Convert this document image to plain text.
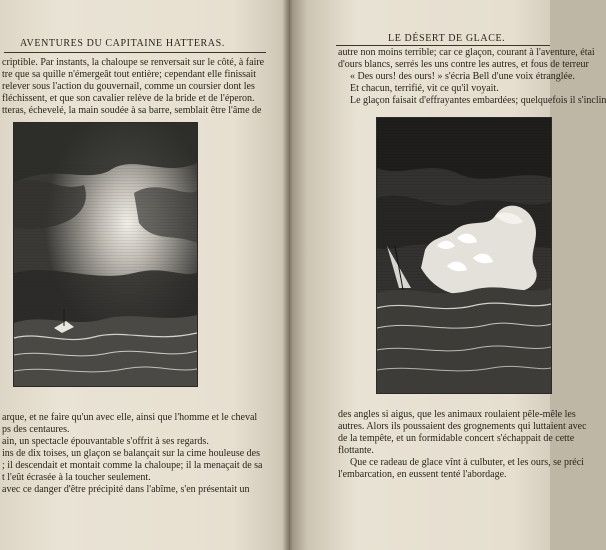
AVENTURES DU CAPITAINE HATTERAS.
criptible. Par instants, la chaloupe se renversait sur le côté, à faire
tre que sa quille n'émergeât tout entière; cependant elle finissait
relever sous l'action du gouvernail, comme un coursier dont les
fléchissent, et que son cavalier relève de la bride et de l'éperon.
tteras, échevelé, la main soudée à sa barre, semblait être l'âme de
arque, et ne faire qu'un avec elle, ainsi que l'homme et le cheval
ps des centaures.
ain, un spectacle épouvantable s'offrit à ses regards.
ins de dix toises, un glaçon se balançait sur la cime houleuse des
; il descendait et montait comme la chaloupe; il la menaçait de sa
t l'eût écrasée à la toucher seulement.
avec ce danger d'être précipité dans l'abîme, s'en présentait un
LE DÉSERT DE GLACE.
autre non moins terrible; car ce glaçon, courant à l'aventure, étai
d'ours blancs, serrés les uns contre les autres, et fous de terreur
« Des ours! des ours! » s'écria Bell d'une voix étranglée.
Et chacun, terrifié, vit ce qu'il voyait.
Le glaçon faisait d'effrayantes embardées; quelquefois il s'inclin
des angles si aigus, que les animaux roulaient pêle-mêle les
autres. Alors ils poussaient des grognements qui luttaient avec
de la tempête, et un formidable concert s'échappait de cette
flottante.
Que ce radeau de glace vînt à culbuter, et les ours, se préci
l'embarcation, en eussent tenté l'abordage.
